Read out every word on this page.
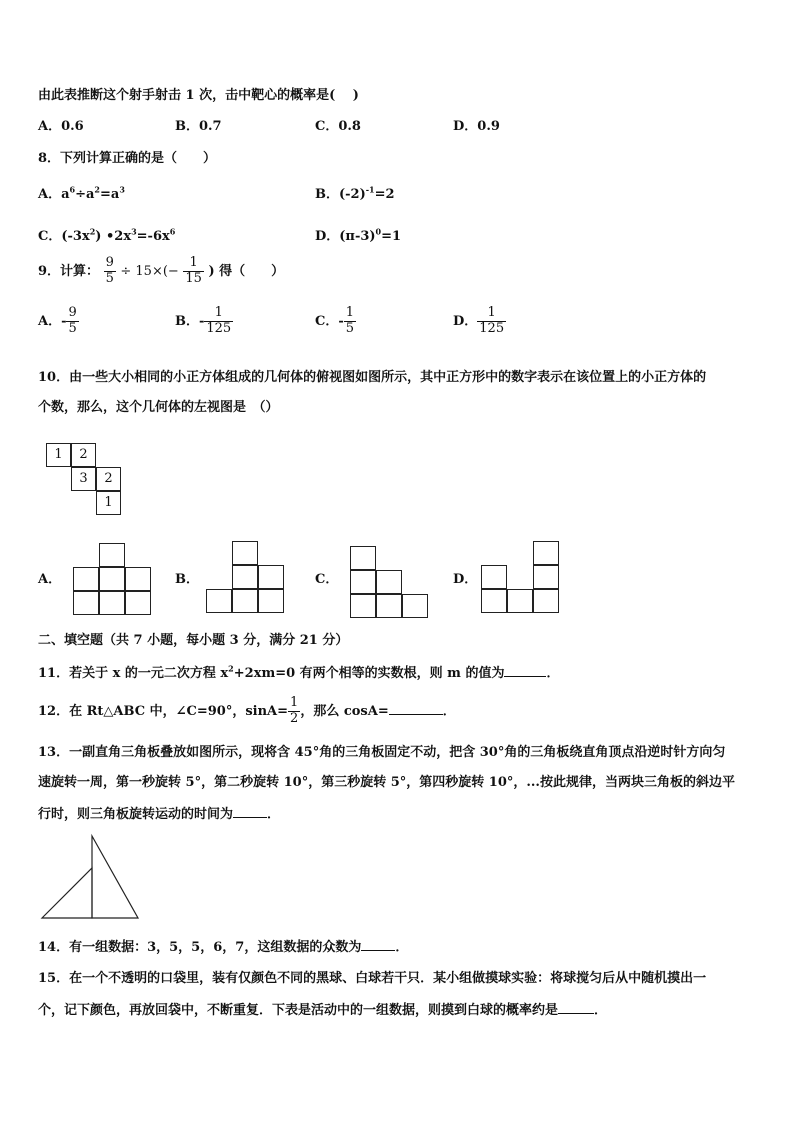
由此表推断这个射手射击 1 次，击中靶心的概率是(　 )
A．0.6	B．0.7	C．0.8	D．0.9
8．下列计算正确的是（　　）
A．$a^6\div a^2=a^3$	B．$(-2)^{-1}=2$
C．$(-3x^2)$ $•2x^3=-6x^6$	D．$(\pi-3)^0=1$
9．计算： $\frac{9}{5} \div 15\times(- \frac{1}{15}$ ) 得（　　）
A．- $\frac{9}{5}$	B．- $\frac{1}{125}$	C．- $\frac{1}{5}$	D． $\frac{1}{125}$
10．由一些大小相同的小正方体组成的几何体的俯视图如图所示，其中正方形中的数字表示在该位置上的小正方体的
个数，那么，这个几何体的左视图是　（）
1	2
3	2
1
A．	B．	C．	D．
二、填空题（共 7 小题，每小题 3 分，满分 21 分）
11．若关于 x 的一元二次方程 $x^2+2xm=0$ 有两个相等的实数根，则 m 的值为	．
12．在 Rt△ABC 中，∠C=90°，$\sin A= \frac{1}{2}$ ，那么 cosA=	．
13．一副直角三角板叠放如图所示，现将含 45°角的三角板固定不动，把含 30°角的三角板绕直角顶点沿逆时针方向匀
速旋转一周，第一秒旋转 5°，第二秒旋转 10°，第三秒旋转 5°，第四秒旋转 10°，...按此规律，当两块三角板的斜边平
行时，则三角板旋转运动的时间为	．
14．有一组数据：3，5，5，6，7，这组数据的众数为	．
15．在一个不透明的口袋里，装有仅颜色不同的黑球、白球若干只．某小组做摸球实验：将球搅匀后从中随机摸出一
个，记下颜色，再放回袋中，不断重复．下表是活动中的一组数据，则摸到白球的概率约是	．
